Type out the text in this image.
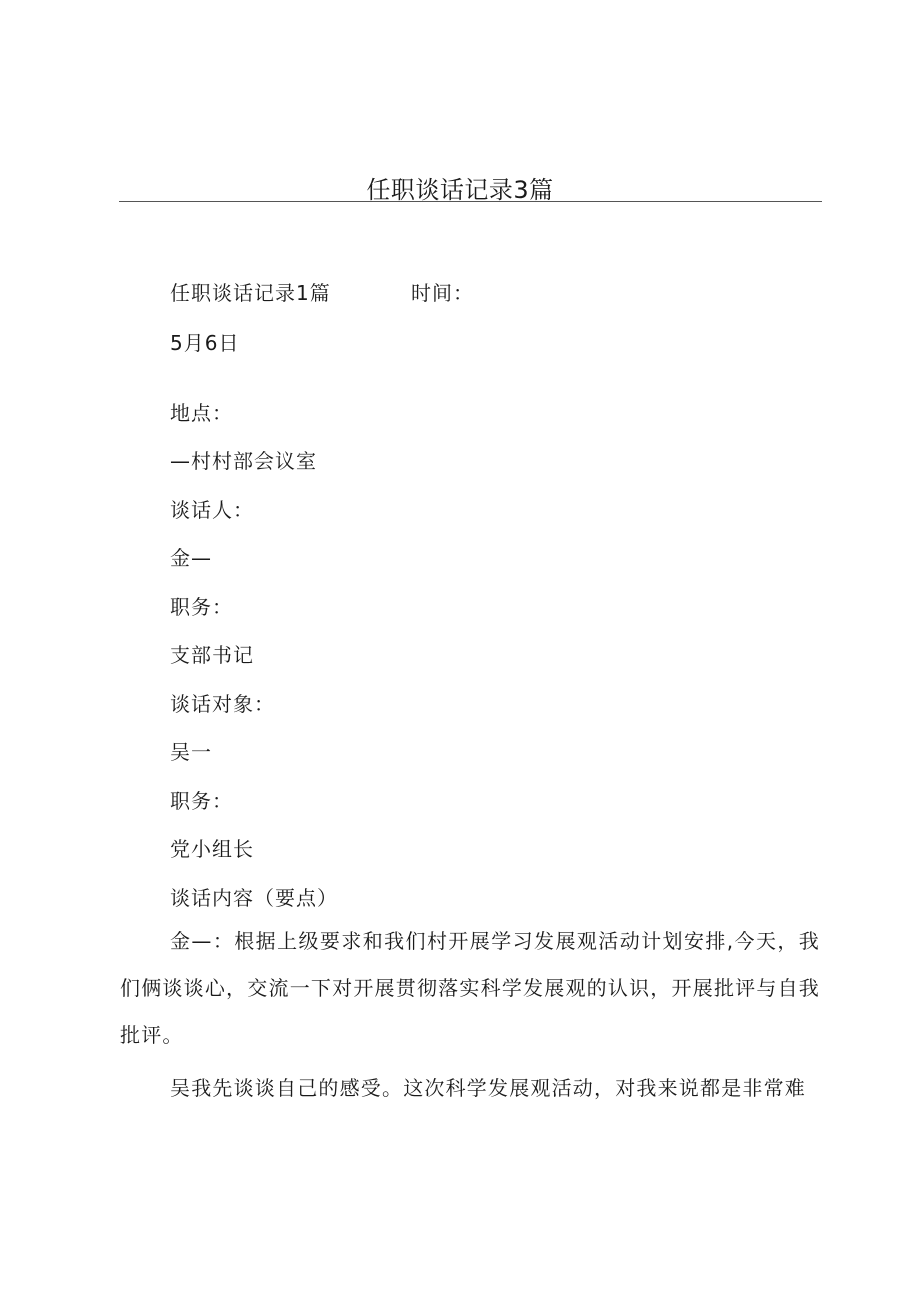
任职谈话记录3篇
任职谈话记录1篇	时间：
5月6日
地点：
—村村部会议室
谈话人：
金—
职务：
支部书记
谈话对象：
吴一
职务：
党小组长
谈话内容（要点）
金—：根据上级要求和我们村开展学习发展观活动计划安排,今天，我们俩谈谈心，交流一下对开展贯彻落实科学发展观的认识，开展批评与自我批评。
吴我先谈谈自己的感受。这次科学发展观活动，对我来说都是非常难
